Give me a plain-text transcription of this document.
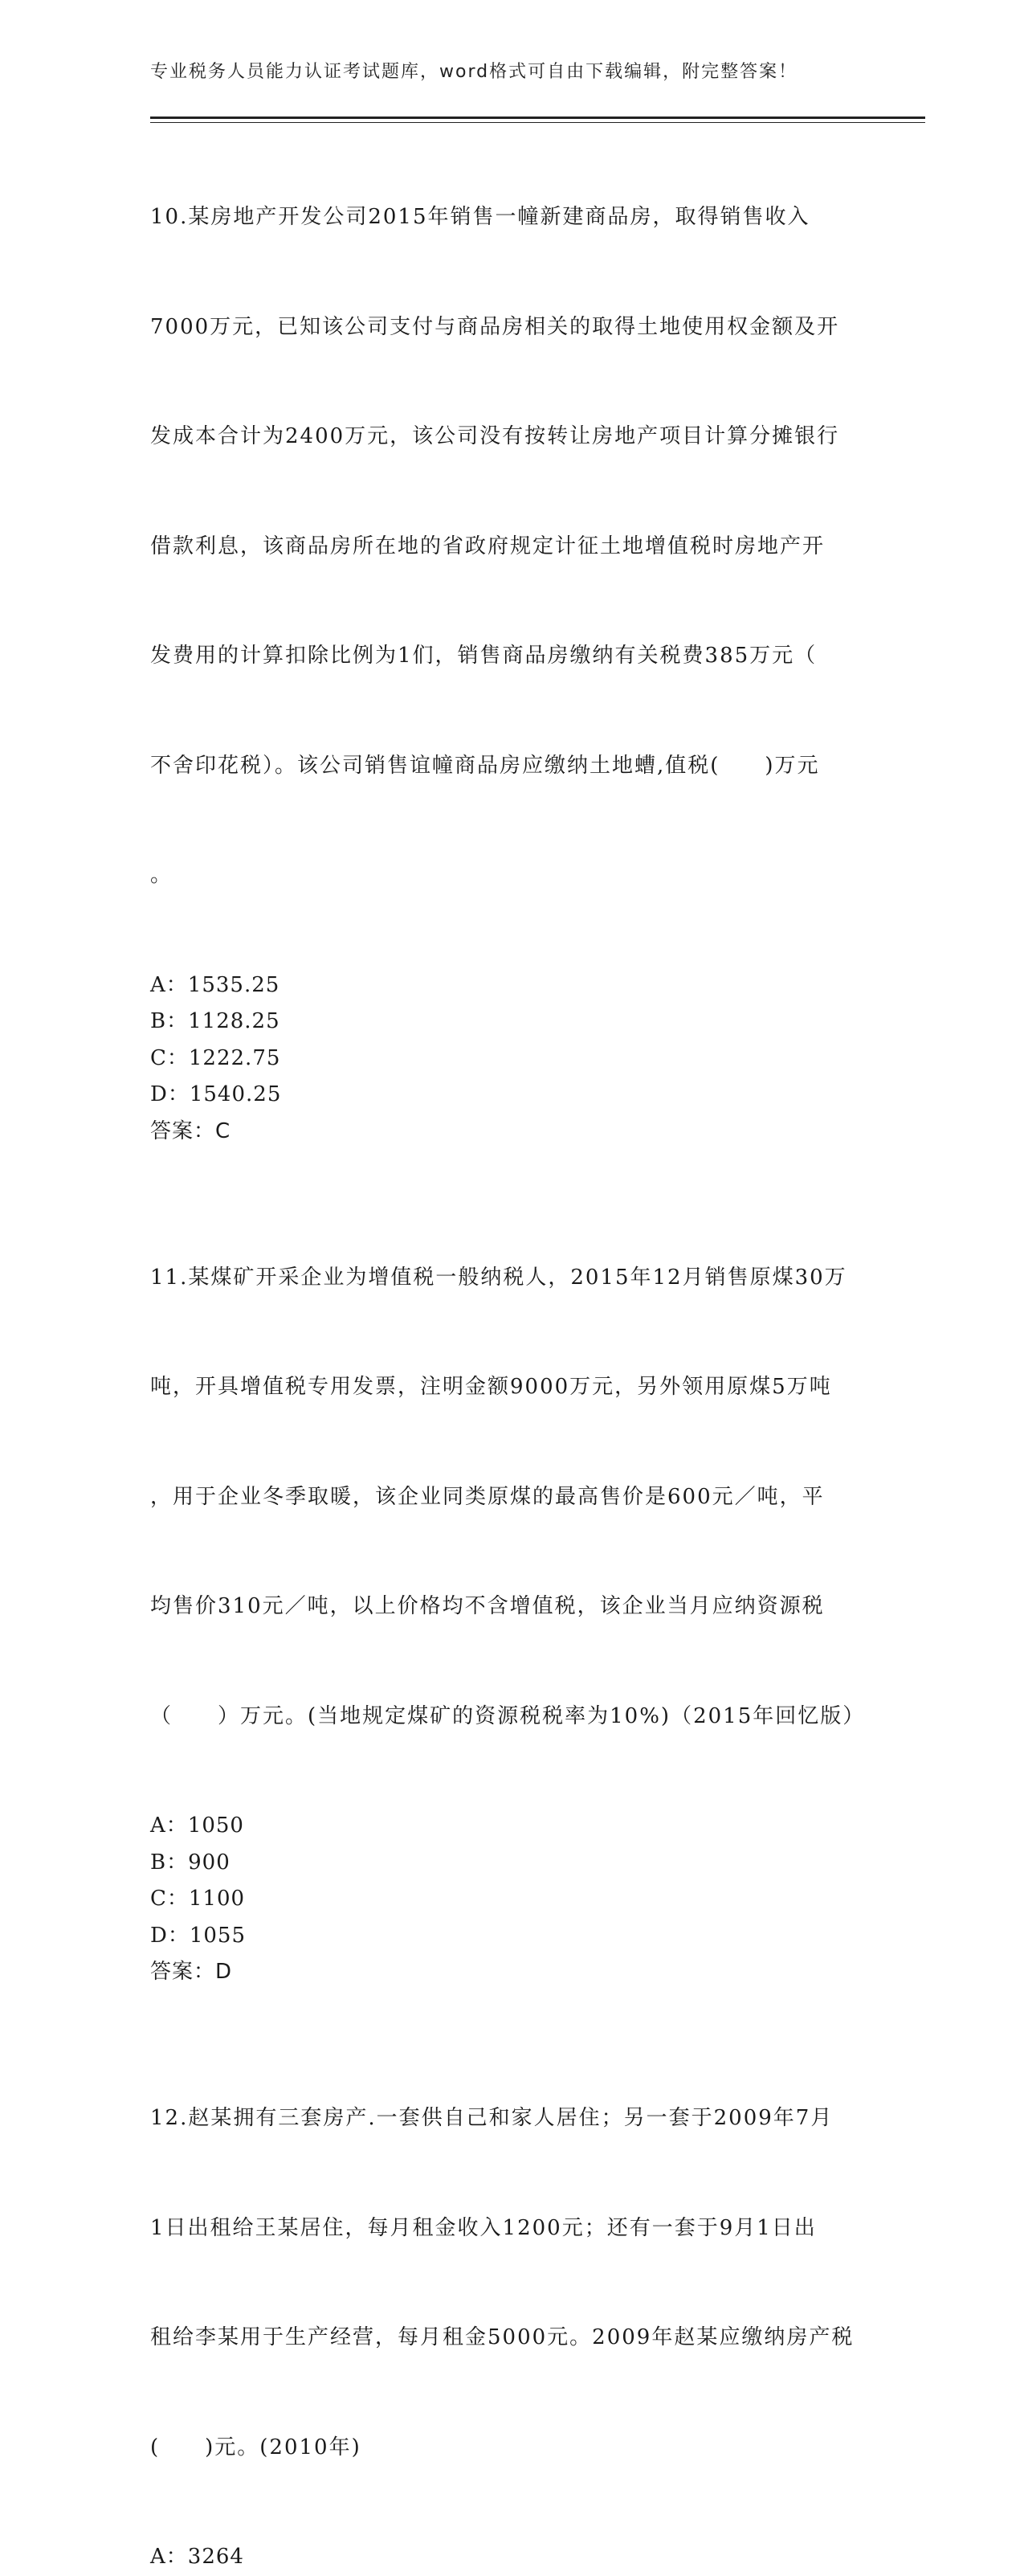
专业税务人员能力认证考试题库，word格式可自由下载编辑，附完整答案！

10.某房地产开发公司2015年销售一幢新建商品房，取得销售收入

7000万元，已知该公司支付与商品房相关的取得土地使用权金额及开

发成本合计为2400万元，该公司没有按转让房地产项目计算分摊银行

借款利息，该商品房所在地的省政府规定计征土地增值税时房地产开

发费用的计算扣除比例为1们，销售商品房缴纳有关税费385万元（

不舍印花税）。该公司销售谊幢商品房应缴纳土地螬,值税(　　)万元

。

A：1535.25
B：1128.25
C：1222.75
D：1540.25
答案：C

11.某煤矿开采企业为增值税一般纳税人，2015年12月销售原煤30万

吨，开具增值税专用发票，注明金额9000万元，另外领用原煤5万吨

，用于企业冬季取暖，该企业同类原煤的最高售价是600元／吨，平

均售价310元／吨，以上价格均不含增值税，该企业当月应纳资源税

（　　）万元。(当地规定煤矿的资源税税率为10%)（2015年回忆版）

A：1050
B：900
C：1100
D：1055
答案：D

12.赵某拥有三套房产.一套供自己和家人居住；另一套于2009年7月

1日出租给王某居住，每月租金收入1200元；还有一套于9月1日出

租给李某用于生产经营，每月租金5000元。2009年赵某应缴纳房产税

(　　)元。(2010年)

A：3264
